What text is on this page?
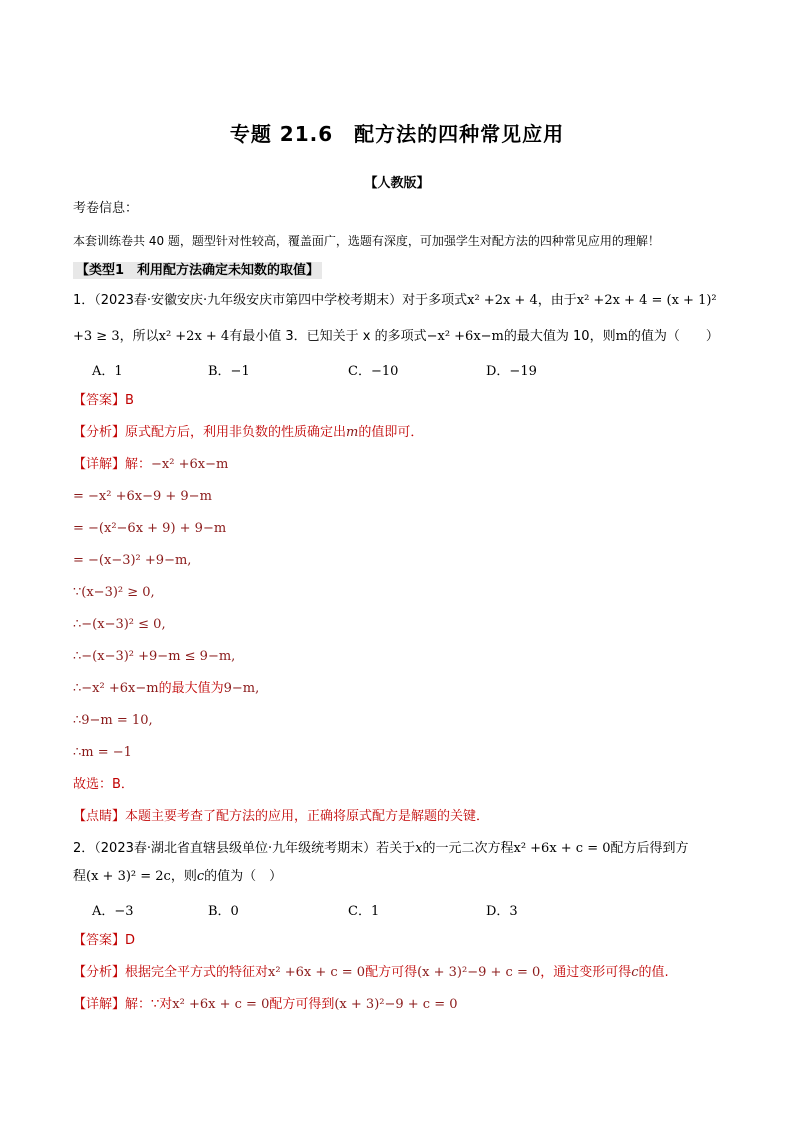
专题 21.6　配方法的四种常见应用
【人教版】
考卷信息：
本套训练卷共 40 题，题型针对性较高，覆盖面广，选题有深度，可加强学生对配方法的四种常见应用的理解！
【类型1　利用配方法确定未知数的取值】
1．（2023春·安徽安庆·九年级安庆市第四中学校考期末）对于多项式x² +2x + 4，由于x² +2x + 4 = (x + 1)²
+3 ≥ 3，所以x² +2x + 4有最小值 3．已知关于 x 的多项式−x² +6x−m的最大值为 10，则m的值为（　　）
A．1	B．−1	C．−10	D．−19
【答案】B
【分析】原式配方后，利用非负数的性质确定出m的值即可．
【详解】解：−x² +6x−m
= −x² +6x−9 + 9−m
= −(x²−6x + 9) + 9−m
= −(x−3)² +9−m,
∵(x−3)² ≥ 0,
∴−(x−3)² ≤ 0,
∴−(x−3)² +9−m ≤ 9−m,
∴−x² +6x−m的最大值为9−m,
∴9−m = 10,
∴m = −1
故选：B．
【点睛】本题主要考查了配方法的应用，正确将原式配方是解题的关键．
2．（2023春·湖北省直辖县级单位·九年级统考期末）若关于x的一元二次方程x² +6x + c = 0配方后得到方
程(x + 3)² = 2c，则c的值为（　）
A．−3	B．0	C．1	D．3
【答案】D
【分析】根据完全平方式的特征对x² +6x + c = 0配方可得(x + 3)²−9 + c = 0，通过变形可得c的值.
【详解】解：∵对x² +6x + c = 0配方可得到(x + 3)²−9 + c = 0
